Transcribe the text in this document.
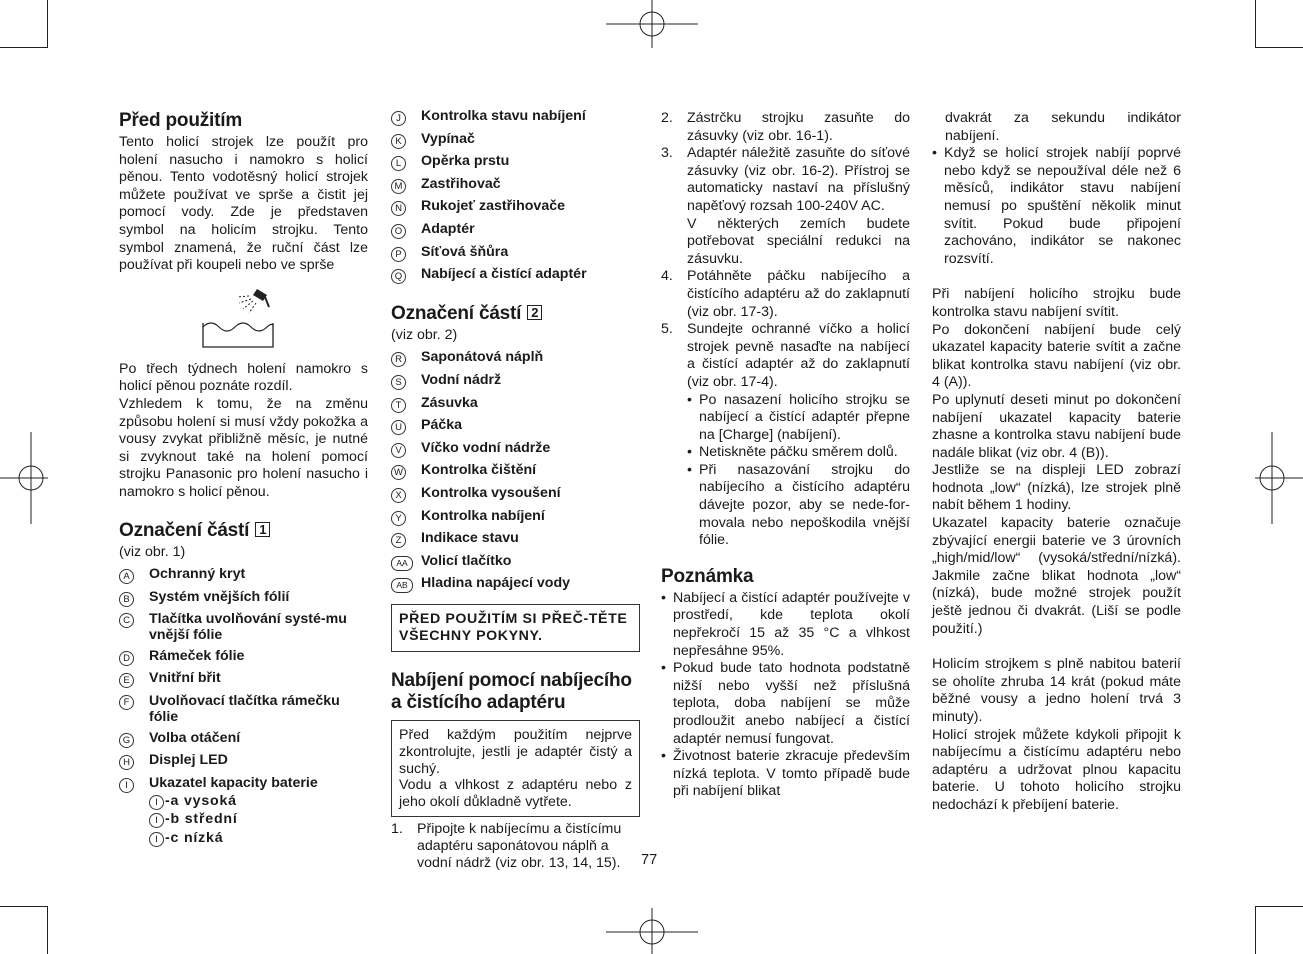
Před použitím

Tento holicí strojek lze použít pro holení nasucho i namokro s holicí pěnou. Tento vodotěsný holicí strojek můžete používat ve sprše a čistit jej pomocí vody. Zde je představen symbol na holicím strojku. Tento symbol znamená, že ruční část lze používat při koupeli nebo ve sprše

Po třech týdnech holení namokro s holicí pěnou poznáte rozdíl.

Vzhledem k tomu, že na změnu způsobu holení si musí vždy pokožka a vousy zvykat přibližně měsíc, je nutné si zvyknout také na holení pomocí strojku Panasonic pro holení nasucho i namokro s holicí pěnou.

Označení částí 1

(viz obr. 1)

A	Ochranný kryt
B	Systém vnějších fólií
C	Tlačítka uvolňování systé-mu vnější fólie
D	Rámeček fólie
E	Vnitřní břit
F	Uvolňovací tlačítka rámečku fólie
G	Volba otáčení
H	Displej LED
I	Ukazatel kapacity baterie
I -a vysoká
I -b střední
I -c nízká
J	Kontrolka stavu nabíjení
K	Vypínač
L	Opěrka prstu
M	Zastřihovač
N	Rukojeť zastřihovače
O	Adaptér
P	Síťová šňůra
Q	Nabíjecí a čistící adaptér
Označení částí 2

(viz obr. 2)

R	Saponátová náplň
S	Vodní nádrž
T	Zásuvka
U	Páčka
V	Víčko vodní nádrže
W	Kontrolka čištění
X	Kontrolka vysoušení
Y	Kontrolka nabíjení
Z	Indikace stavu
AA Volicí tlačítko
AB Hladina napájecí vody
PŘED POUŽITÍM SI PŘEČ-TĚTE VŠECHNY POKYNY.
Nabíjení pomocí nabíjecího a čistícího adaptéru

Před každým použitím nejprve zkontrolujte, jestli je adaptér čistý a suchý.

Vodu a vlhkost z adaptéru nebo z jeho okolí důkladně vytřete.

1. Připojte k nabíjecímu a čistícímu adaptéru saponátovou náplň a vodní nádrž (viz obr. 13, 14, 15).
2. Zástrčku strojku zasuňte do zásuvky (viz obr. 16-1).

3. Adaptér náležitě zasuňte do síťové zásuvky (viz obr. 16-2). Přístroj se automaticky nastaví na příslušný napěťový rozsah 100-240V AC.

V některých zemích budete potřebovat speciální redukci na zásuvku.

4. Potáhněte páčku nabíjecího a čistícího adaptéru až do zaklapnutí (viz obr. 17-3).

5. Sundejte ochranné víčko a holicí strojek pevně nasaďte na nabíjecí a čistící adaptér až do zaklapnutí (viz obr. 17-4).

• Po nasazení holicího strojku se nabíjecí a čistící adaptér přepne na [Charge] (nabíjení).

• Netiskněte páčku směrem dolů.

• Při nasazování strojku do nabíjecího a čistícího adaptéru dávejte pozor, aby se nede-for-movala nebo nepoškodila vnější fólie.

Poznámka
• Nabíjecí a čistící adaptér používejte v prostředí, kde teplota okolí nepřekročí 15 až 35 °C a vlhkost nepřesáhne 95%.

• Pokud bude tato hodnota podstatně nižší nebo vyšší než příslušná teplota, doba nabíjení se může prodloužit anebo nabíjecí a čistící adaptér nemusí fungovat.

• Životnost baterie zkracuje především nízká teplota. V tomto případě bude při nabíjení blikat

dvakrát za sekundu indikátor nabíjení.

• Když se holicí strojek nabíjí poprvé nebo když se nepoužíval déle než 6 měsíců, indikátor stavu nabíjení nemusí po spuštění několik minut svítit. Pokud bude připojení zachováno, indikátor se nakonec rozsvítí.

Při nabíjení holicího strojku bude kontrolka stavu nabíjení svítit.

Po dokončení nabíjení bude celý ukazatel kapacity baterie svítit a začne blikat kontrolka stavu nabíjení (viz obr. 4 (A)).

Po uplynutí deseti minut po dokončení nabíjení ukazatel kapacity baterie zhasne a kontrolka stavu nabíjení bude nadále blikat (viz obr. 4 (B)).

Jestliže se na displeji LED zobrazí hodnota „low“ (nízká), lze strojek plně nabít během 1 hodiny.

Ukazatel kapacity baterie označuje zbývající energii baterie ve 3 úrovních „high/mid/low“ (vysoká/střední/nízká). Jakmile začne blikat hodnota „low“ (nízká), bude možné strojek použít ještě jednou či dvakrát. (Liší se podle použití.)

Holicím strojkem s plně nabitou baterií se oholíte zhruba 14 krát (pokud máte běžné vousy a jedno holení trvá 3 minuty).

Holicí strojek můžete kdykoli připojit k nabíjecímu a čistícímu adaptéru nebo adaptéru a udržovat plnou kapacitu baterie. U tohoto holicího strojku nedochází k přebíjení baterie.

77
